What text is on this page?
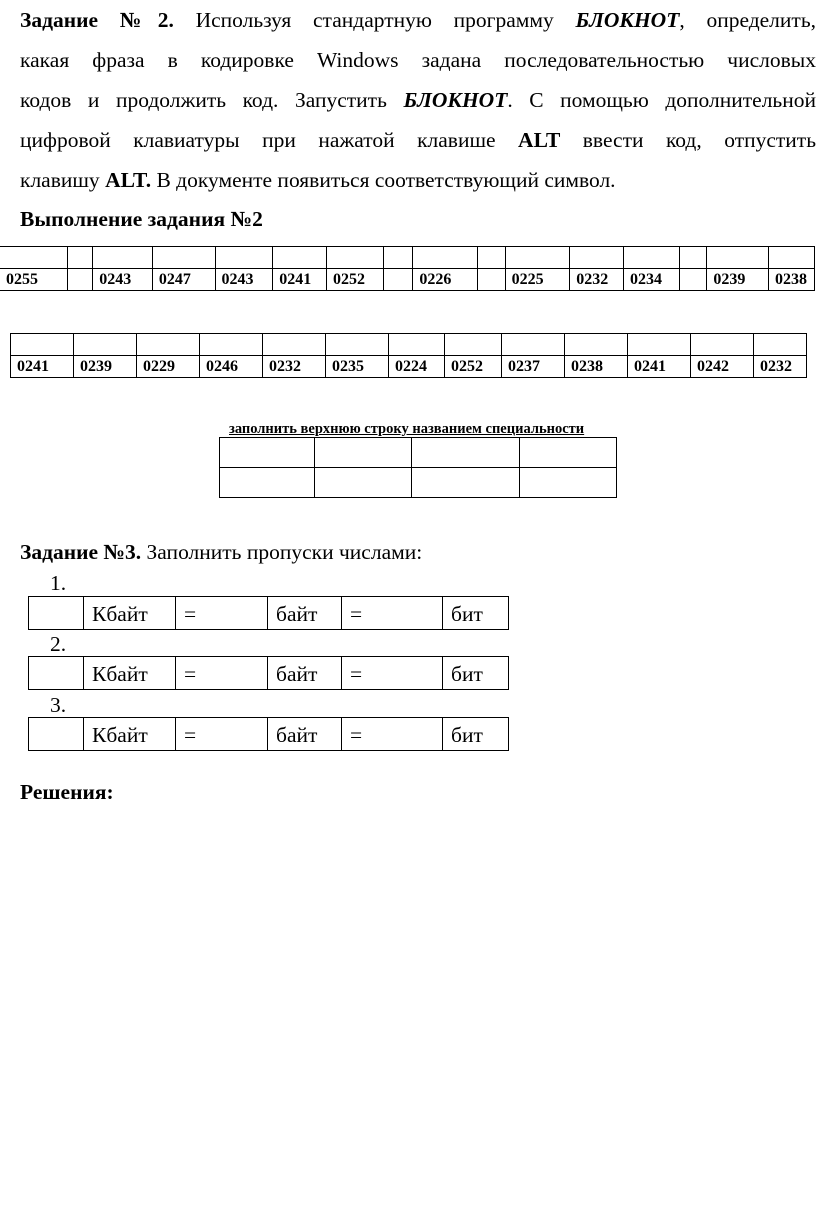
Задание №2. Используя стандартную программу БЛОКНОТ, определить,
какая фраза в кодировке Windows задана последовательностью числовых
кодов и продолжить код. Запустить БЛОКНОТ. С помощью дополнительной
цифровой клавиатуры при нажатой клавише ALT ввести код, отпустить
клавишу ALT. В документе появиться соответствующий символ.
Выполнение задания №2

0255		0243	0247	0243	0241	0252		0226		0225	0232	0234		0239	0238

0241	0239	0229	0246	0232	0235	0224	0252	0237	0238	0241	0242	0232
заполнить верхнюю строку названием специальности

Задание №3. Заполнить пропуски числами:
1.
	Кбайт	=	байт	=	бит
2.
	Кбайт	=	байт	=	бит
3.
	Кбайт	=	байт	=	бит
Решения:
